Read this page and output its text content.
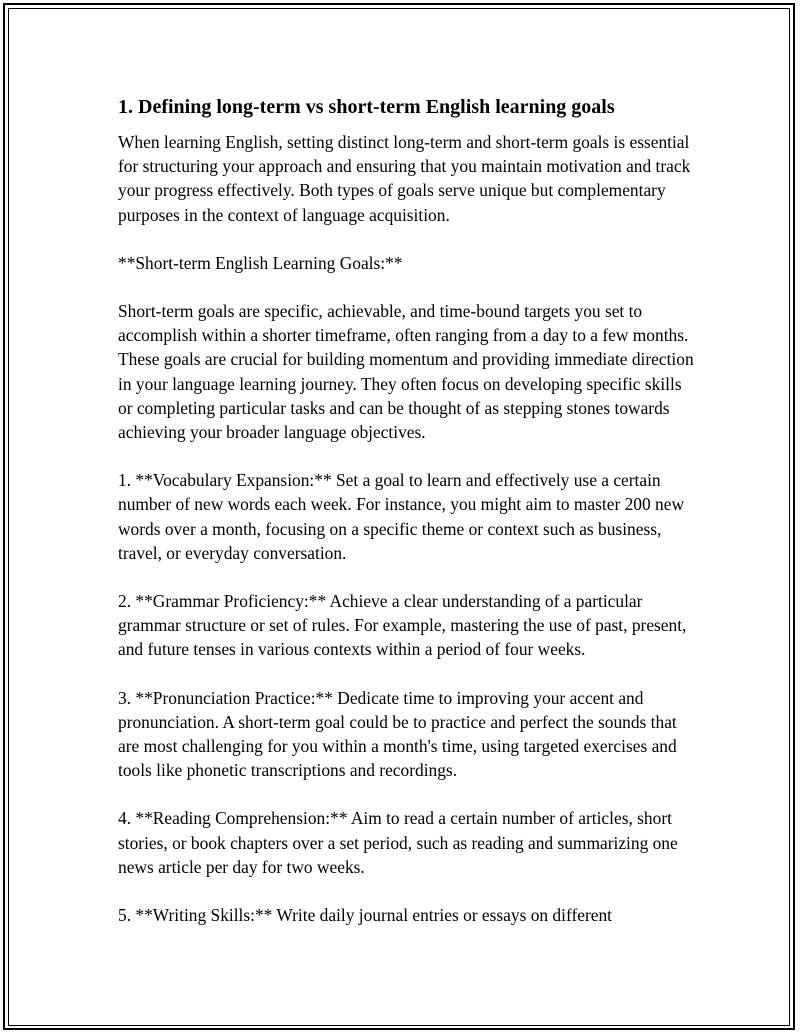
1. Defining long-term vs short-term English learning goals

When learning English, setting distinct long-term and short-term goals is essential for structuring your approach and ensuring that you maintain motivation and track your progress effectively. Both types of goals serve unique but complementary purposes in the context of language acquisition.

**Short-term English Learning Goals:**

Short-term goals are specific, achievable, and time-bound targets you set to accomplish within a shorter timeframe, often ranging from a day to a few months. These goals are crucial for building momentum and providing immediate direction in your language learning journey. They often focus on developing specific skills or completing particular tasks and can be thought of as stepping stones towards achieving your broader language objectives.

1. **Vocabulary Expansion:** Set a goal to learn and effectively use a certain number of new words each week. For instance, you might aim to master 200 new words over a month, focusing on a specific theme or context such as business, travel, or everyday conversation.

2. **Grammar Proficiency:** Achieve a clear understanding of a particular grammar structure or set of rules. For example, mastering the use of past, present, and future tenses in various contexts within a period of four weeks.

3. **Pronunciation Practice:** Dedicate time to improving your accent and pronunciation. A short-term goal could be to practice and perfect the sounds that are most challenging for you within a month's time, using targeted exercises and tools like phonetic transcriptions and recordings.

4. **Reading Comprehension:** Aim to read a certain number of articles, short stories, or book chapters over a set period, such as reading and summarizing one news article per day for two weeks.

5. **Writing Skills:** Write daily journal entries or essays on different
